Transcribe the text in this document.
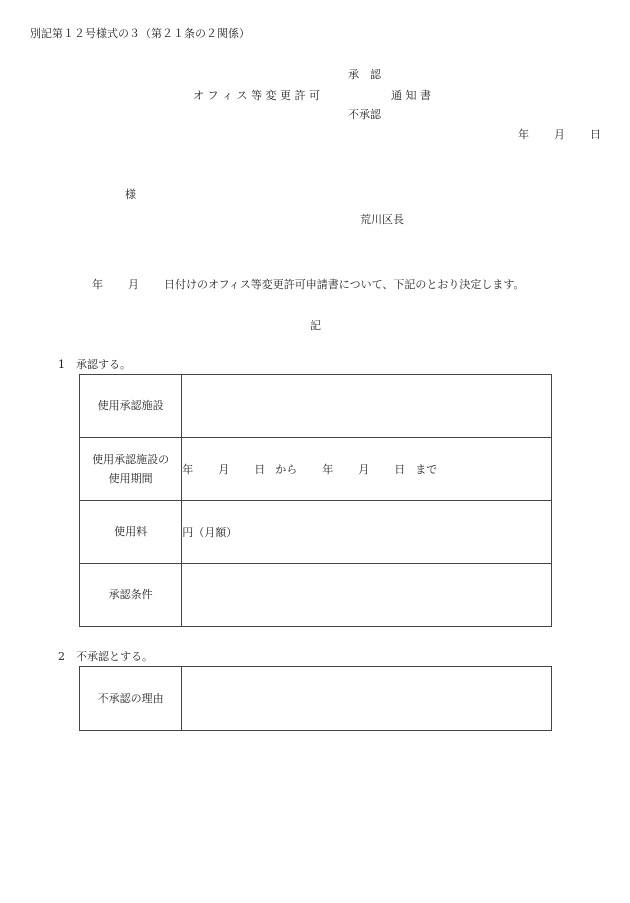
別記第１２号様式の３（第２１条の２関係）
承　認
オ フ ィ ス 等 変 更 許 可	通 知 書
不承認
年 月 日
様
荒川区長
年 月 日付けのオフィス等変更許可申請書について、下記のとおり決定します。
記
1　承認する。
使用承認施設	

使用承認施設の
使用期間	年 月 日 から 年 月 日 まで
使用料	円（月額）
承認条件	
2　不承認とする。
不承認の理由	
